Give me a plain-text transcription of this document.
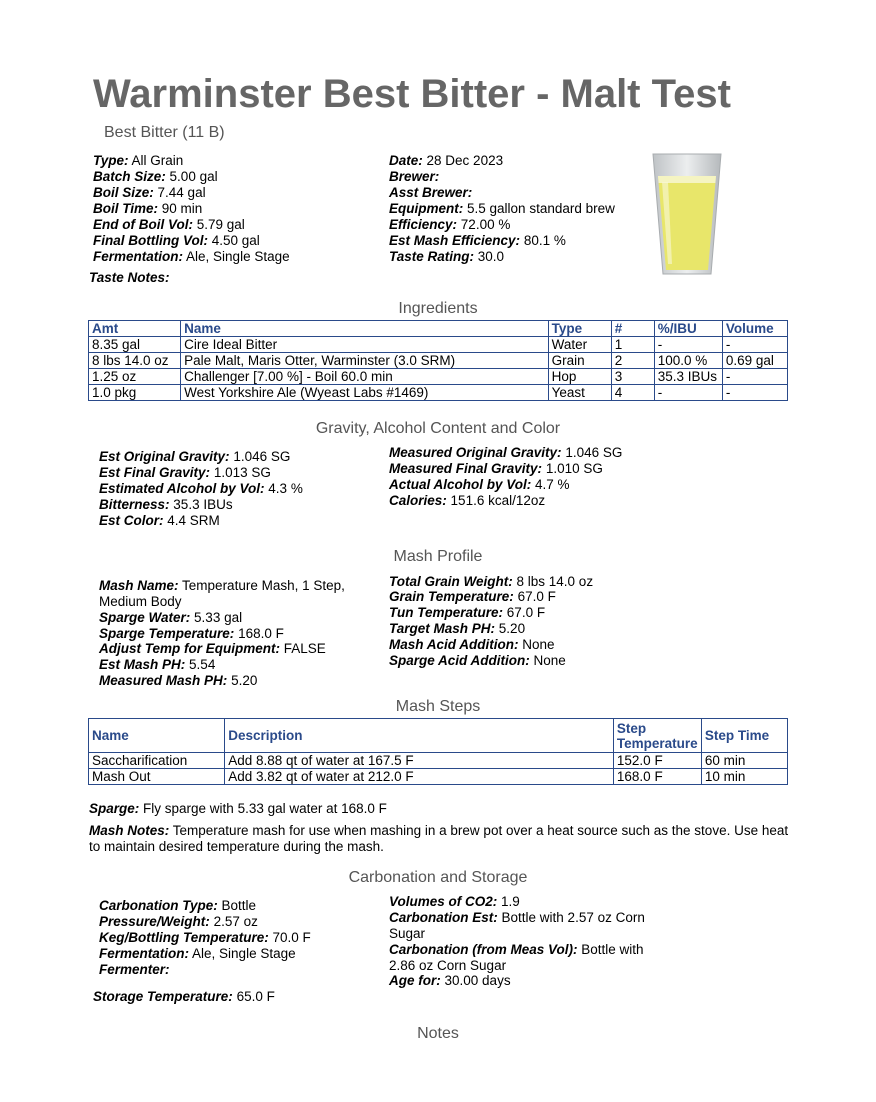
Warminster Best Bitter - Malt Test
Best Bitter (11 B)
Type: All Grain
Batch Size: 5.00 gal
Boil Size: 7.44 gal
Boil Time: 90 min
End of Boil Vol: 5.79 gal
Final Bottling Vol: 4.50 gal
Fermentation: Ale, Single Stage
Date: 28 Dec 2023
Brewer:
Asst Brewer:
Equipment: 5.5 gallon standard brew
Efficiency: 72.00 %
Est Mash Efficiency: 80.1 %
Taste Rating: 30.0
Taste Notes:
Ingredients
Amt	Name	Type	#	%/IBU	Volume
8.35 gal	Cire Ideal Bitter	Water	1	-	-
8 lbs 14.0 oz	Pale Malt, Maris Otter, Warminster (3.0 SRM)	Grain	2	100.0 %	0.69 gal
1.25 oz	Challenger [7.00 %] - Boil 60.0 min	Hop	3	35.3 IBUs	-
1.0 pkg	West Yorkshire Ale (Wyeast Labs #1469)	Yeast	4	-	-
Gravity, Alcohol Content and Color
Est Original Gravity: 1.046 SG
Est Final Gravity: 1.013 SG
Estimated Alcohol by Vol: 4.3 %
Bitterness: 35.3 IBUs
Est Color: 4.4 SRM
Measured Original Gravity: 1.046 SG
Measured Final Gravity: 1.010 SG
Actual Alcohol by Vol: 4.7 %
Calories: 151.6 kcal/12oz
Mash Profile
Mash Name: Temperature Mash, 1 Step, Medium Body
Sparge Water: 5.33 gal
Sparge Temperature: 168.0 F
Adjust Temp for Equipment: FALSE
Est Mash PH: 5.54
Measured Mash PH: 5.20
Total Grain Weight: 8 lbs 14.0 oz
Grain Temperature: 67.0 F
Tun Temperature: 67.0 F
Target Mash PH: 5.20
Mash Acid Addition: None
Sparge Acid Addition: None
Mash Steps
Name	Description	Step Temperature	Step Time
Saccharification	Add 8.88 qt of water at 167.5 F	152.0 F	60 min
Mash Out	Add 3.82 qt of water at 212.0 F	168.0 F	10 min
Sparge: Fly sparge with 5.33 gal water at 168.0 F
Mash Notes: Temperature mash for use when mashing in a brew pot over a heat source such as the stove. Use heat to maintain desired temperature during the mash.
Carbonation and Storage
Carbonation Type: Bottle
Pressure/Weight: 2.57 oz
Keg/Bottling Temperature: 70.0 F
Fermentation: Ale, Single Stage
Fermenter:
Storage Temperature: 65.0 F
Volumes of CO2: 1.9
Carbonation Est: Bottle with 2.57 oz Corn Sugar
Carbonation (from Meas Vol): Bottle with 2.86 oz Corn Sugar
Age for: 30.00 days
Notes
